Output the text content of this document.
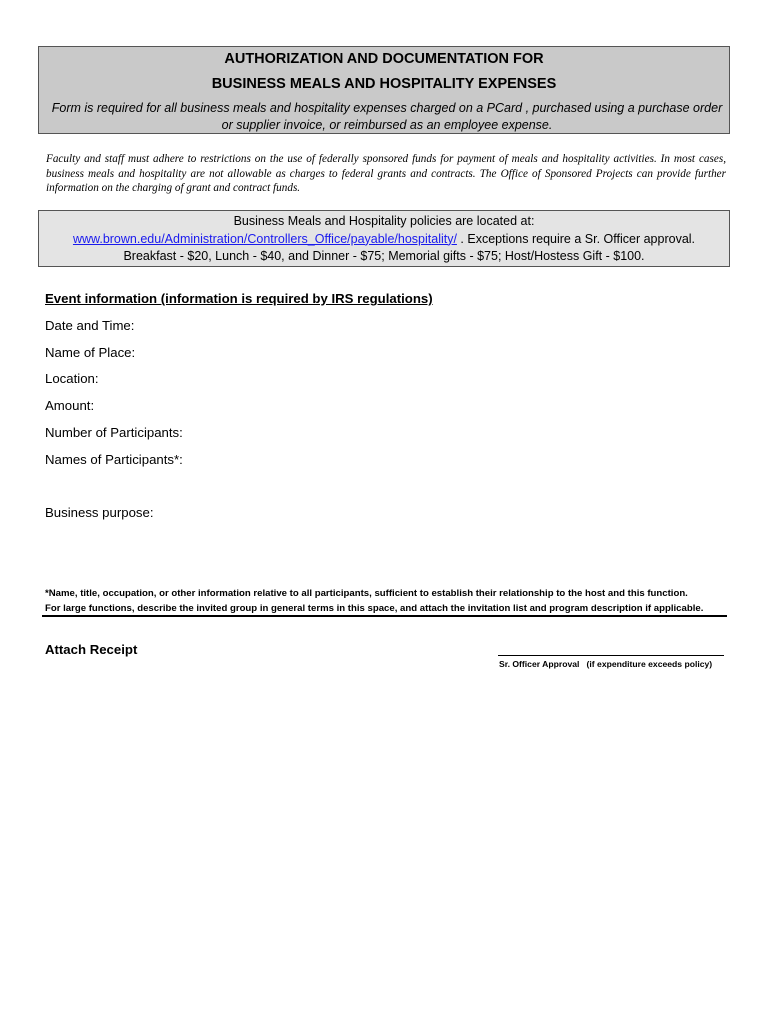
AUTHORIZATION AND DOCUMENTATION FOR
BUSINESS MEALS AND HOSPITALITY EXPENSES
Form is required for all business meals and hospitality expenses charged on a PCard , purchased using a purchase order
or supplier invoice, or reimbursed as an employee expense.
Faculty and staff must adhere to restrictions on the use of federally sponsored funds for payment of meals and hospitality activities. In most cases, business meals and hospitality are not allowable as charges to federal grants and contracts. The Office of Sponsored Projects can provide further information on the charging of grant and contract funds.
Business Meals and Hospitality policies are located at:
www.brown.edu/Administration/Controllers_Office/payable/hospitality/ . Exceptions require a Sr. Officer approval.
Breakfast - $20, Lunch - $40, and Dinner - $75; Memorial gifts - $75; Host/Hostess Gift - $100.
Event information (information is required by IRS regulations)
Date and Time:
Name of Place:
Location:
Amount:
Number of Participants:
Names of Participants*:
Business purpose:
*Name, title, occupation, or other information relative to all participants, sufficient to establish their relationship to the host and this function.
For large functions, describe the invited group in general terms in this space, and attach the invitation list and program description if applicable.
Attach Receipt
Sr. Officer Approval   (if expenditure exceeds policy)
